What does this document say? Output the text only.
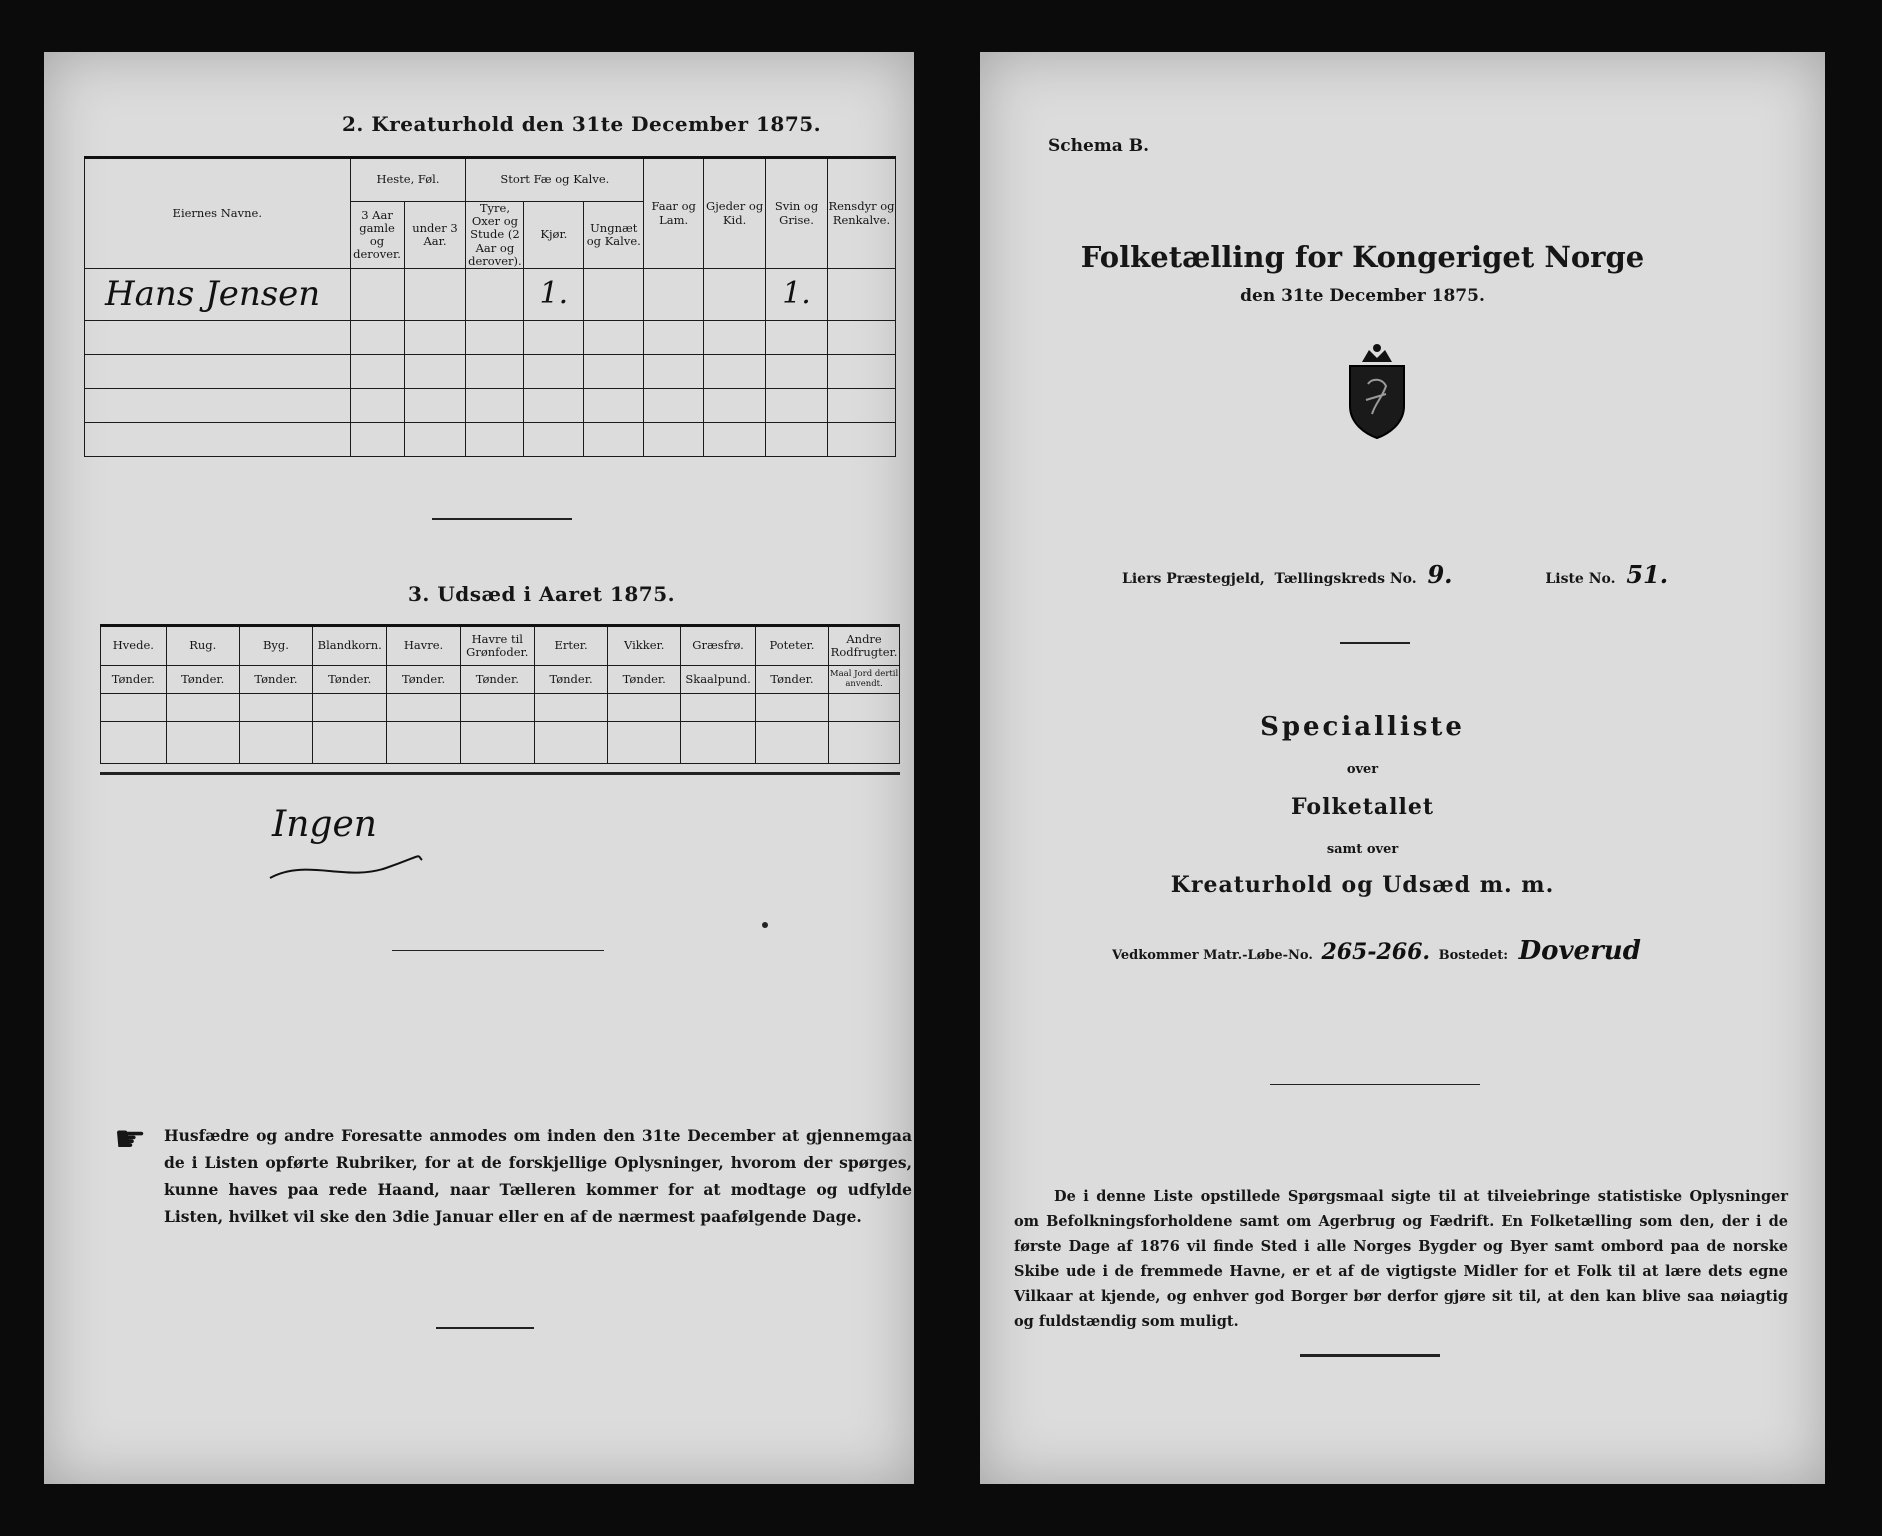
2. Kreaturhold den 31te December 1875.
Eiernes Navne.	Heste, Føl.		Stort Fæ og Kalve.			Faar og Lam.	Gjeder og Kid.	Svin og Grise.	Rensdyr og Renkalve.
	3 Aar gamle og derover.	under 3 Aar.	Tyre, Oxer og Stude (2 Aar og derover).	Kjør.	Ungnæt og Kalve.				
Hans Jensen				1.				1.	

3. Udsæd i Aaret 1875.
Hvede.	Rug.	Byg.	Blandkorn.	Havre.	Havre til Grønfoder.	Erter.	Vikker.	Græsfrø.	Poteter.	Andre Rodfrugter.
Tønder.	Tønder.	Tønder.	Tønder.	Tønder.	Tønder.	Tønder.	Tønder.	Skaalpund.	Tønder.	Maal Jord dertil anvendt.

Ingen
☛ Husfædre og andre Foresatte anmodes om inden den 31te December at gjennemgaa de i Listen opførte Rubriker, for at de forskjellige Oplysninger, hvorom der spørges, kunne haves paa rede Haand, naar Tælleren kommer for at modtage og udfylde Listen, hvilket vil ske den 3die Januar eller en af de nærmest paafølgende Dage.
Schema B.
Folketælling for Kongeriget Norge
den 31te December 1875.
Liers Præstegjeld, Tællingskreds No. 9.	Liste No. 51.
Specialliste
over
Folketallet
samt over
Kreaturhold og Udsæd m. m.
Vedkommer Matr.-Løbe-No. 265-266. Bostedet: Doverud
De i denne Liste opstillede Spørgsmaal sigte til at tilveiebringe statistiske Oplysninger om Befolkningsforholdene samt om Agerbrug og Fædrift. En Folketælling som den, der i de første Dage af 1876 vil finde Sted i alle Norges Bygder og Byer samt ombord paa de norske Skibe ude i de fremmede Havne, er et af de vigtigste Midler for et Folk til at lære dets egne Vilkaar at kjende, og enhver god Borger bør derfor gjøre sit til, at den kan blive saa nøiagtig og fuldstændig som muligt.
